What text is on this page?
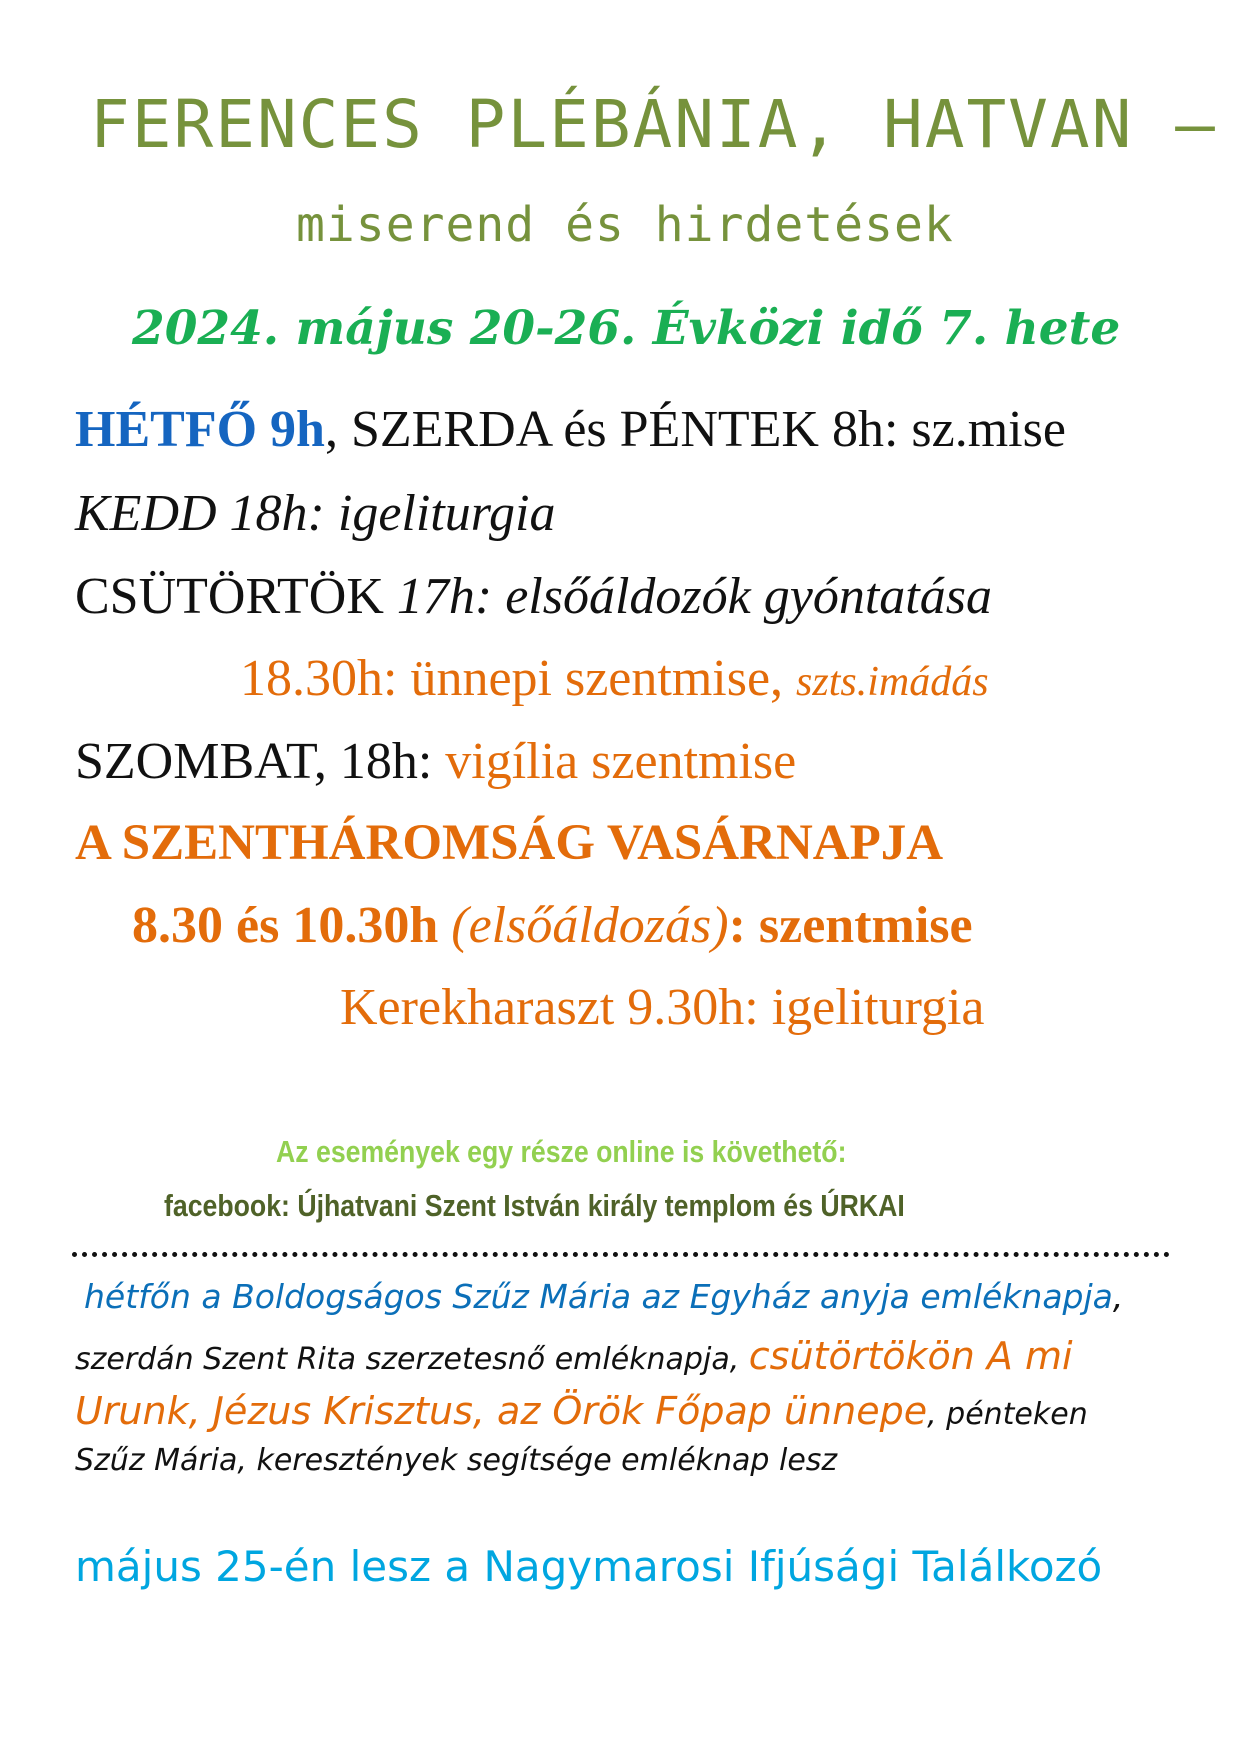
FERENCES PLÉBÁNIA, HATVAN –
miserend és hirdetések
2024. május 20-26. Évközi idő 7. hete
HÉTFŐ 9h, SZERDA és PÉNTEK 8h: sz.mise
KEDD 18h: igeliturgia
CSÜTÖRTÖK 17h: elsőáldozók gyóntatása
18.30h: ünnepi szentmise, szts.imádás
SZOMBAT, 18h: vigília szentmise
A SZENTHÁROMSÁG VASÁRNAPJA
8.30 és 10.30h (elsőáldozás): szentmise
Kerekharaszt 9.30h: igeliturgia
Az események egy része online is követhető:
facebook: Újhatvani Szent István király templom és ÚRKAI
hétfőn a Boldogságos Szűz Mária az Egyház anyja emléknapja,
szerdán Szent Rita szerzetesnő emléknapja, csütörtökön A mi
Urunk, Jézus Krisztus, az Örök Főpap ünnepe, pénteken
Szűz Mária, keresztények segítsége emléknap lesz
május 25-én lesz a Nagymarosi Ifjúsági Találkozó
